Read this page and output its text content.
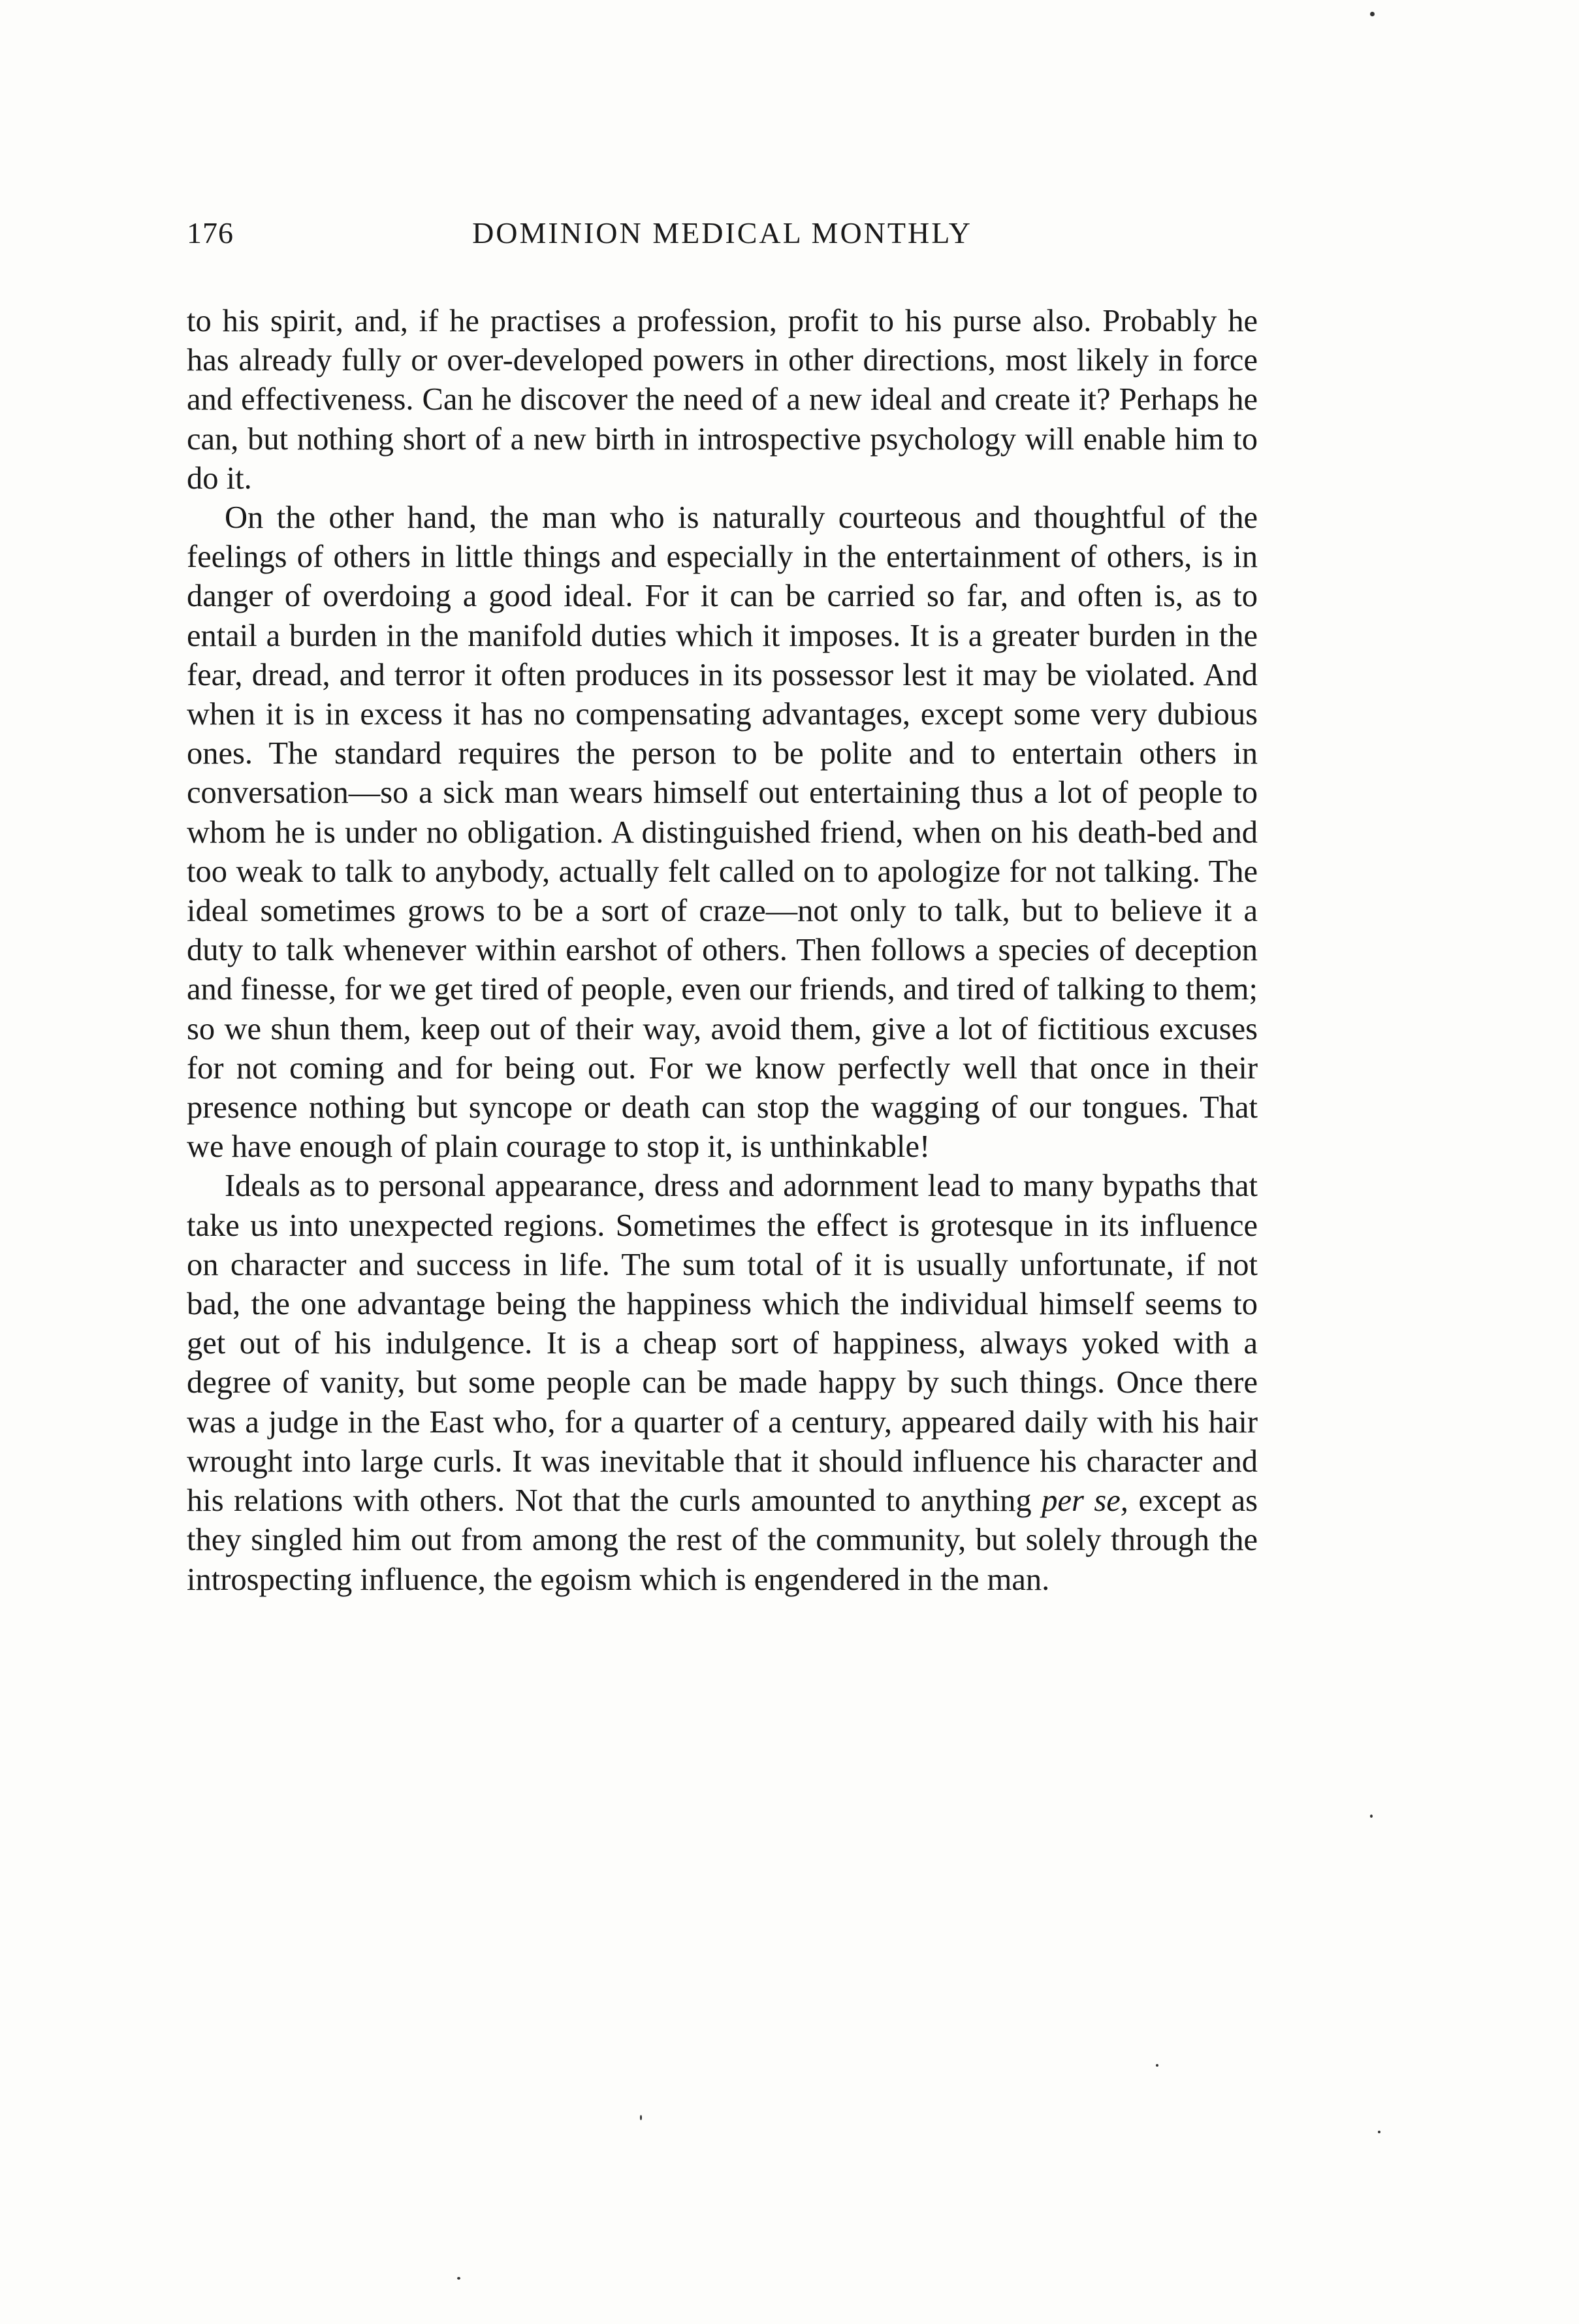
176	DOMINION MEDICAL MONTHLY

to his spirit, and, if he practises a profession, profit to his purse also. Probably he has already fully or over-developed powers in other directions, most likely in force and effectiveness. Can he discover the need of a new ideal and create it? Perhaps he can, but nothing short of a new birth in introspective psychology will enable him to do it.

On the other hand, the man who is naturally courteous and thoughtful of the feelings of others in little things and especially in the entertainment of others, is in danger of overdoing a good ideal. For it can be carried so far, and often is, as to entail a burden in the manifold duties which it imposes. It is a greater burden in the fear, dread, and terror it often produces in its possessor lest it may be violated. And when it is in excess it has no compensating advantages, except some very dubious ones. The standard requires the person to be polite and to entertain others in conversation—so a sick man wears himself out entertaining thus a lot of people to whom he is under no obligation. A distinguished friend, when on his death-bed and too weak to talk to anybody, actually felt called on to apologize for not talking. The ideal sometimes grows to be a sort of craze—not only to talk, but to believe it a duty to talk whenever within earshot of others. Then follows a species of deception and finesse, for we get tired of people, even our friends, and tired of talking to them; so we shun them, keep out of their way, avoid them, give a lot of fictitious excuses for not coming and for being out. For we know perfectly well that once in their presence nothing but syncope or death can stop the wagging of our tongues. That we have enough of plain courage to stop it, is unthinkable!

Ideals as to personal appearance, dress and adornment lead to many bypaths that take us into unexpected regions. Sometimes the effect is grotesque in its influence on character and success in life. The sum total of it is usually unfortunate, if not bad, the one advantage being the happiness which the individual himself seems to get out of his indulgence. It is a cheap sort of happiness, always yoked with a degree of vanity, but some people can be made happy by such things. Once there was a judge in the East who, for a quarter of a century, appeared daily with his hair wrought into large curls. It was inevitable that it should influence his character and his relations with others. Not that the curls amounted to anything per se, except as they singled him out from among the rest of the community, but solely through the introspecting influence, the egoism which is engendered in the man.
